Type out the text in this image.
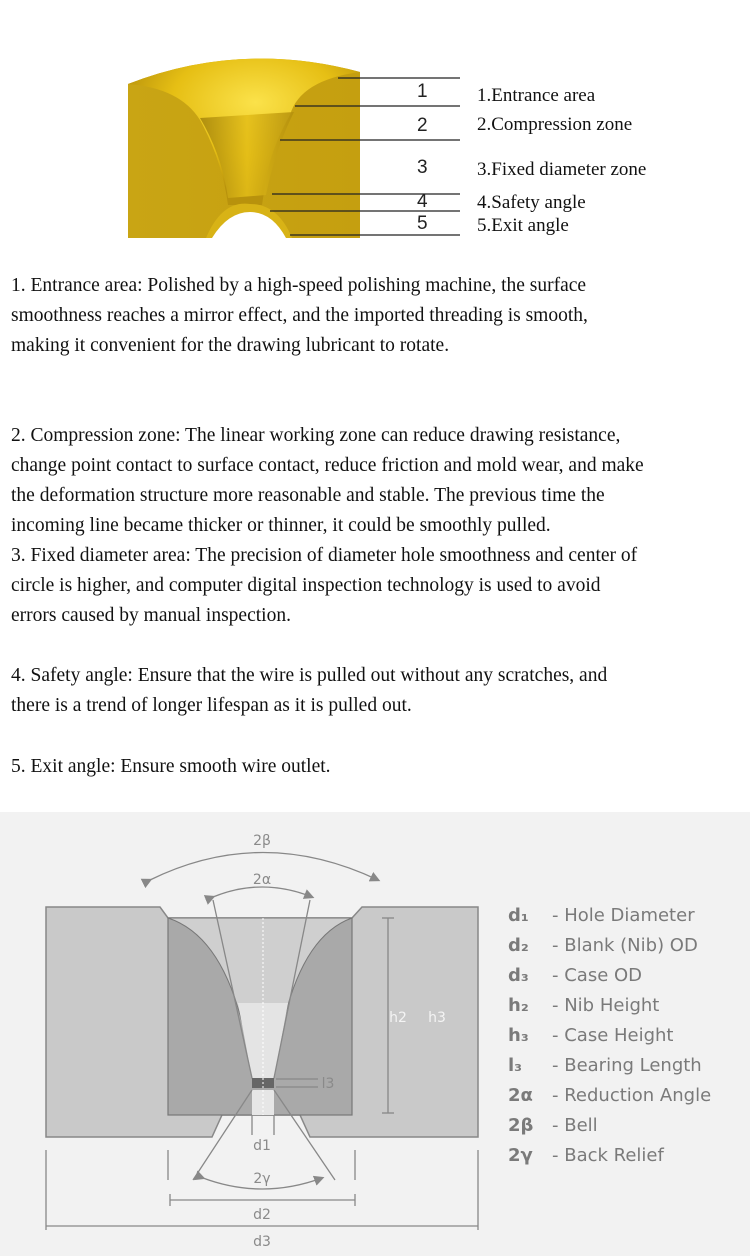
1
2
3
4
5
1.Entrance area
2.Compression zone
3.Fixed diameter zone
4.Safety angle
5.Exit angle
1. Entrance area: Polished by a high-speed polishing machine, the surface
smoothness reaches a mirror effect, and the imported threading is smooth,
making it convenient for the drawing lubricant to rotate.
2. Compression zone: The linear working zone can reduce drawing resistance,
change point contact to surface contact, reduce friction and mold wear, and make
the deformation structure more reasonable and stable. The previous time the
incoming line became thicker or thinner, it could be smoothly pulled.
3. Fixed diameter area: The precision of diameter hole smoothness and center of
circle is higher, and computer digital inspection technology is used to avoid
errors caused by manual inspection.
4. Safety angle: Ensure that the wire is pulled out without any scratches, and
there is a trend of longer lifespan as it is pulled out.
5. Exit angle: Ensure smooth wire outlet.
2β
2α
h2 h3
l3
d1
2γ
d2
d3
d₁ - Hole Diameter
d₂ - Blank (Nib) OD
d₃ - Case OD
h₂ - Nib Height
h₃ - Case Height
l₃ - Bearing Length
2α - Reduction Angle
2β - Bell
2γ - Back Relief
